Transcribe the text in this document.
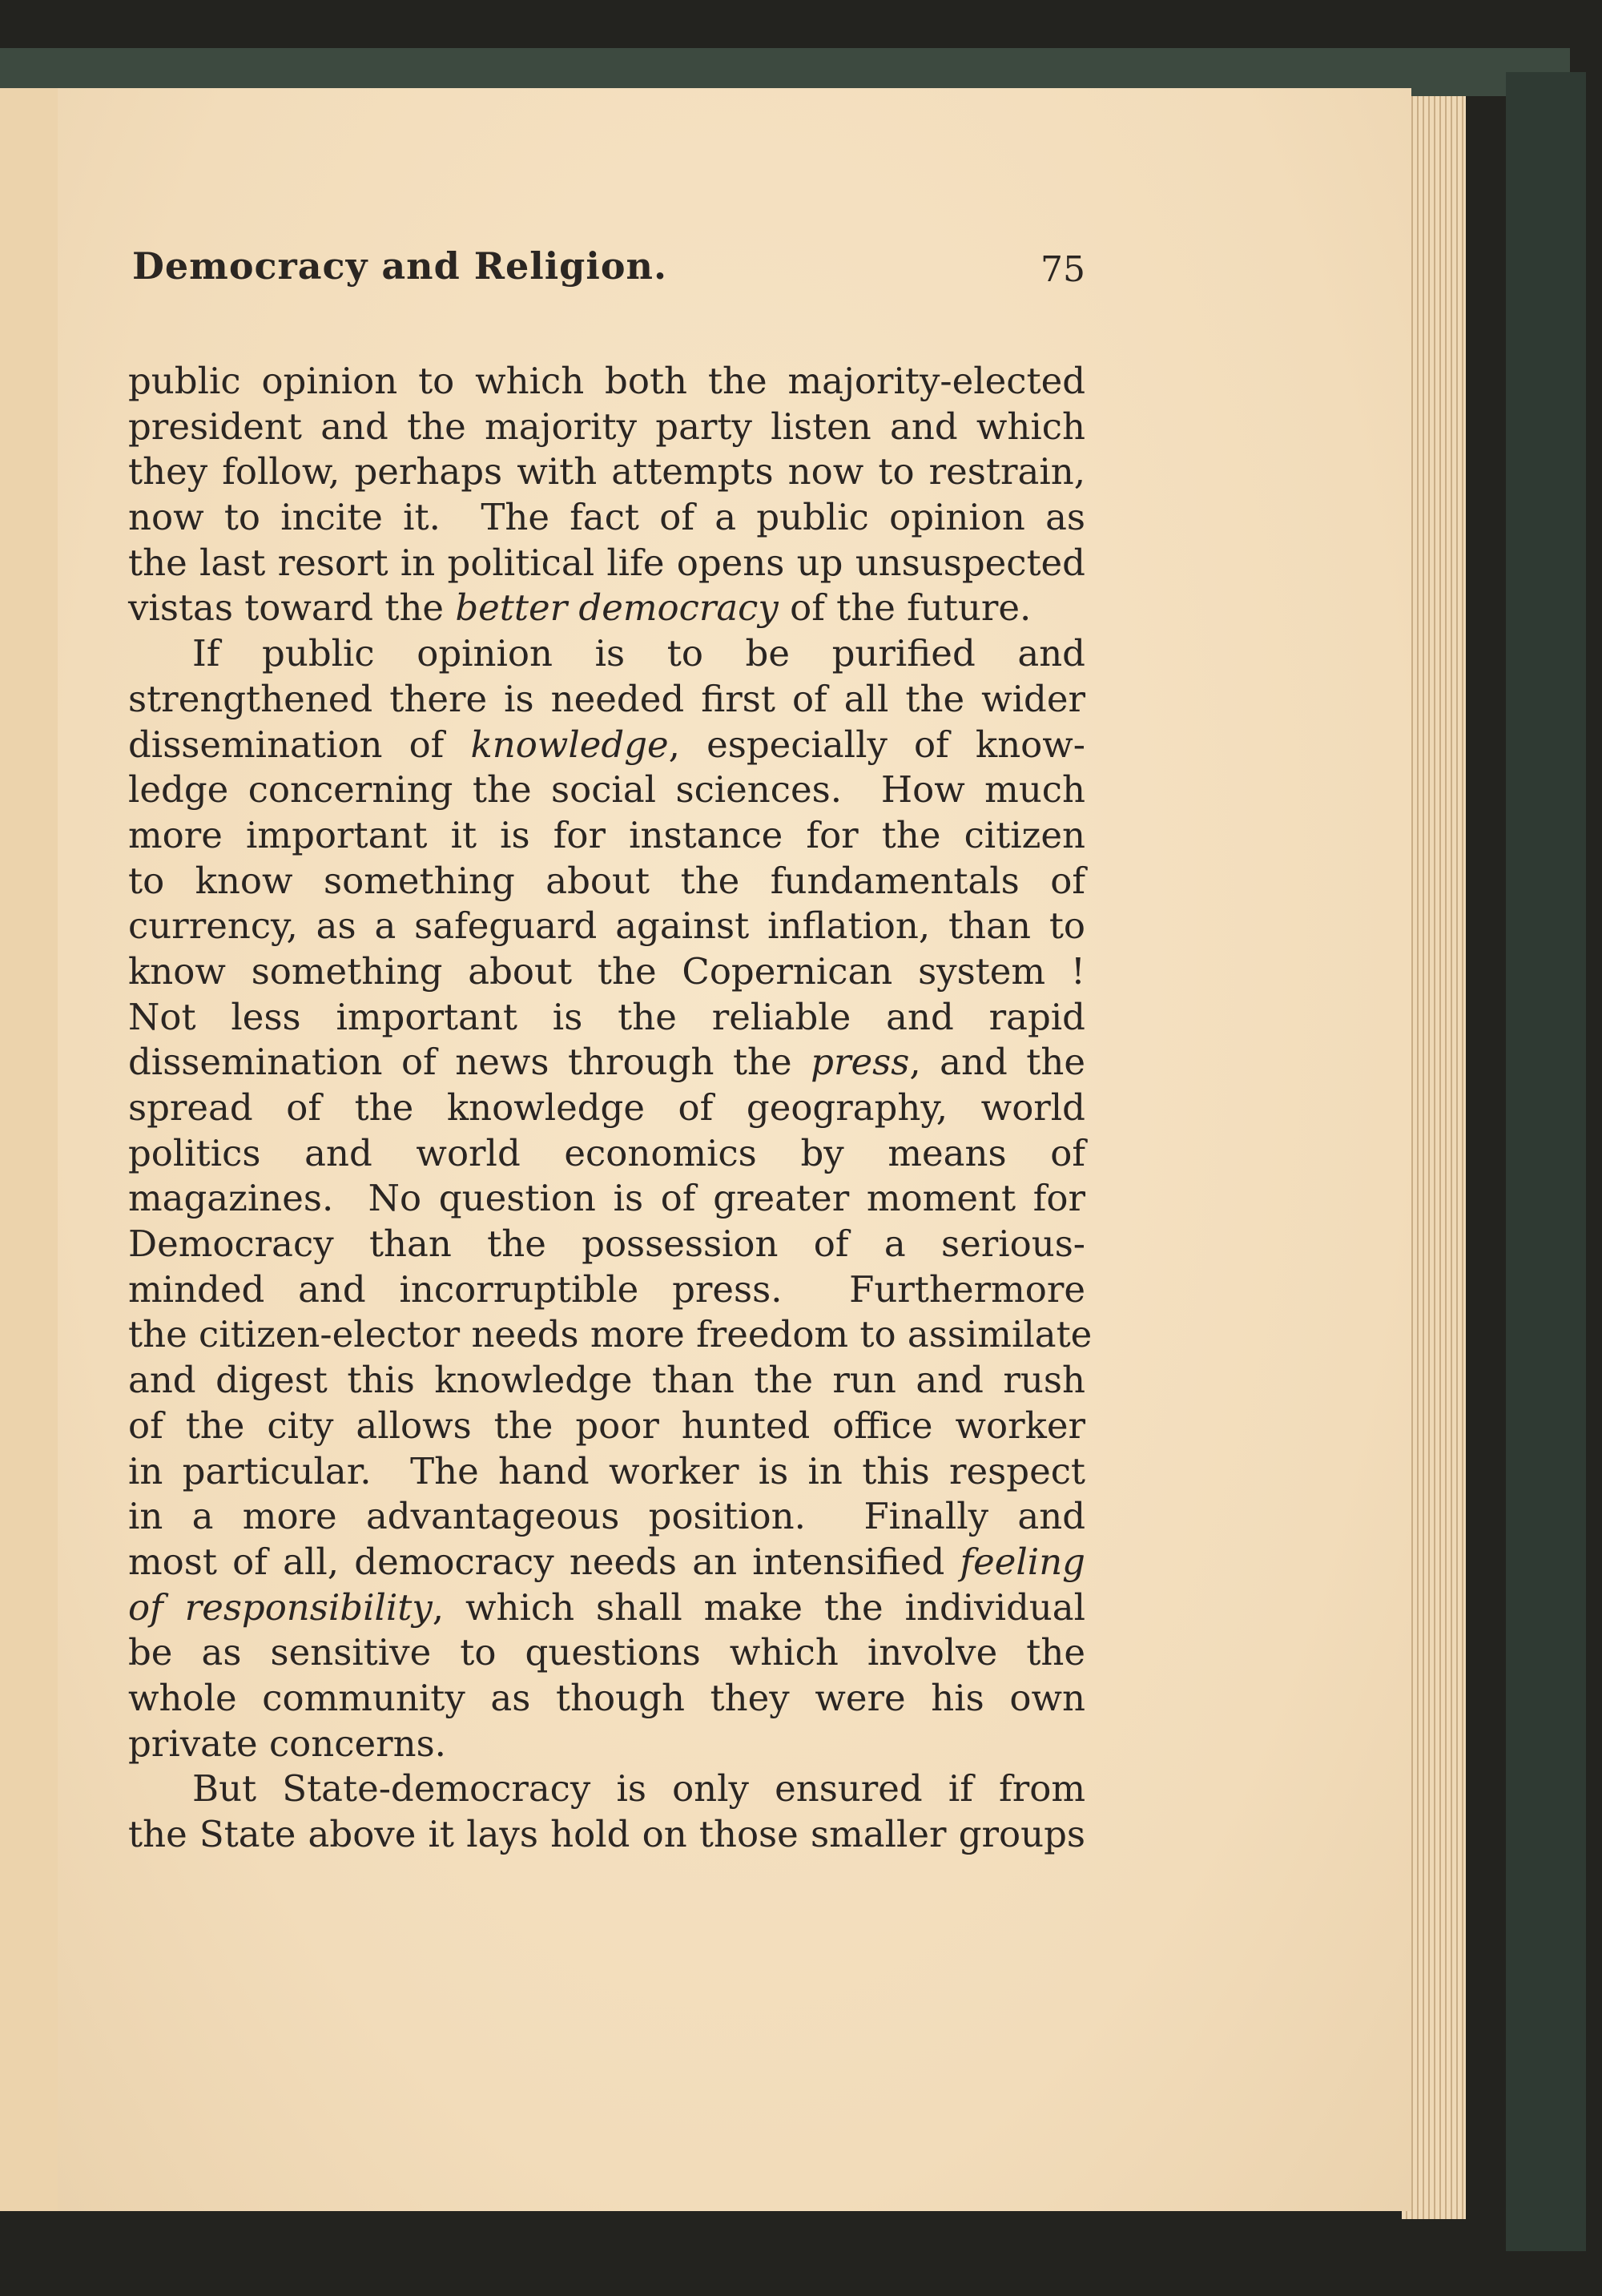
Democracy and Religion.	75
public opinion to which both the majority-elected
president and the majority party listen and which
they follow, perhaps with attempts now to restrain,
now to incite it.  The fact of a public opinion as
the last resort in political life opens up unsuspected
vistas toward the better democracy of the future.
If public opinion is to be purified and
strengthened there is needed first of all the wider
dissemination of knowledge, especially of know-
ledge concerning the social sciences.  How much
more important it is for instance for the citizen
to know something about the fundamentals of
currency, as a safeguard against inflation, than to
know something about the Copernican system !
Not less important is the reliable and rapid
dissemination of news through the press, and the
spread of the knowledge of geography, world
politics and world economics by means of
magazines.  No question is of greater moment for
Democracy than the possession of a serious-
minded and incorruptible press.  Furthermore
the citizen-elector needs more freedom to assimilate
and digest this knowledge than the run and rush
of the city allows the poor hunted office worker
in particular.  The hand worker is in this respect
in a more advantageous position.  Finally and
most of all, democracy needs an intensified feeling
of responsibility, which shall make the individual
be as sensitive to questions which involve the
whole community as though they were his own
private concerns.
But State-democracy is only ensured if from
the State above it lays hold on those smaller groups
